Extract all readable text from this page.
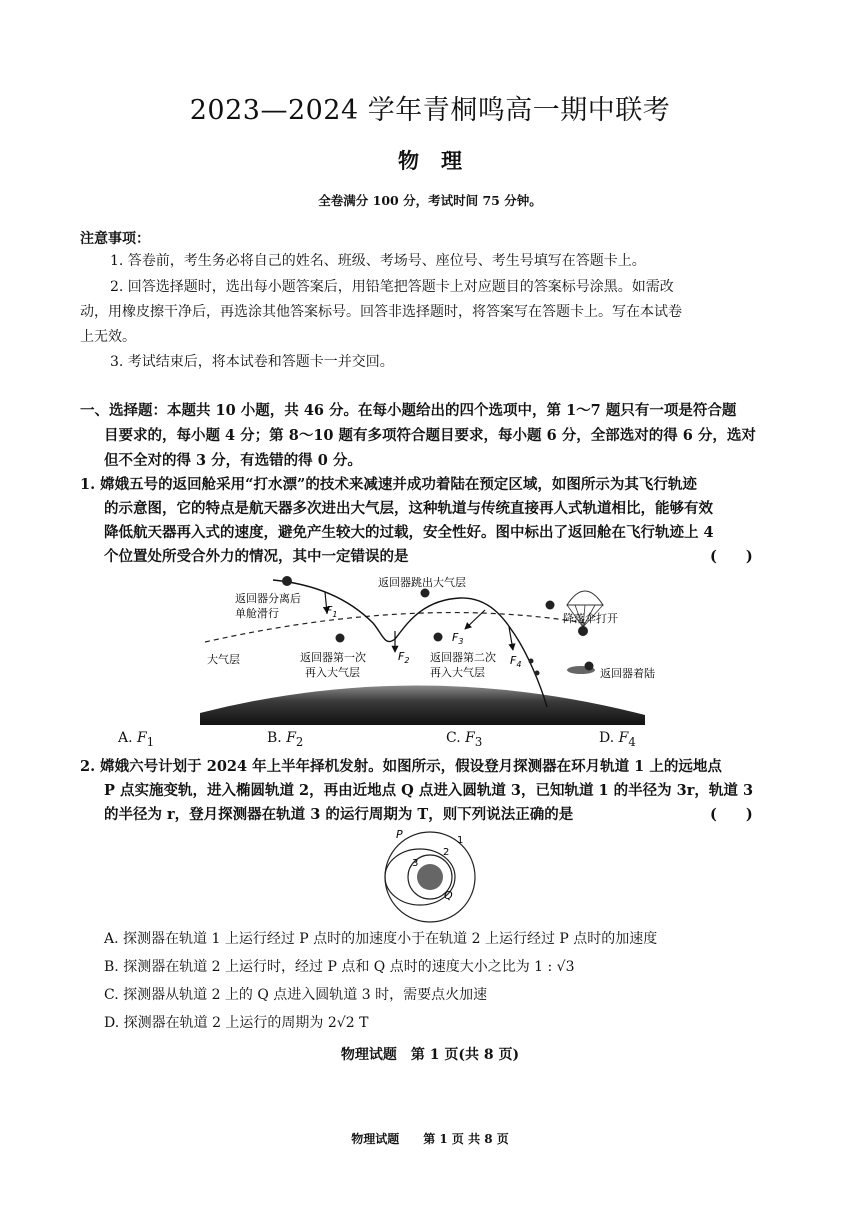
2023—2024 学年青桐鸣高一期中联考
物理
全卷满分 100 分，考试时间 75 分钟。
注意事项：
1. 答卷前，考生务必将自己的姓名、班级、考场号、座位号、考生号填写在答题卡上。
2. 回答选择题时，选出每小题答案后，用铅笔把答题卡上对应题目的答案标号涂黑。如需改
动，用橡皮擦干净后，再选涂其他答案标号。回答非选择题时，将答案写在答题卡上。写在本试卷
上无效。
3. 考试结束后，将本试卷和答题卡一并交回。
一、选择题：本题共 10 小题，共 46 分。在每小题给出的四个选项中，第 1～7 题只有一项是符合题
目要求的，每小题 4 分；第 8～10 题有多项符合题目要求，每小题 6 分，全部选对的得 6 分，选对
但不全对的得 3 分，有选错的得 0 分。
1. 嫦娥五号的返回舱采用“打水漂”的技术来减速并成功着陆在预定区域，如图所示为其飞行轨迹
的示意图，它的特点是航天器多次进出大气层，这种轨道与传统直接再人式轨道相比，能够有效
降低航天器再入式的速度，避免产生较大的过载，安全性好。图中标出了返回舱在飞行轨迹上 4
个位置处所受合外力的情况，其中一定错误的是	(　　)
$F_1$
$F_2$
$F_3$
$F_4$
返回器分离后
单舱滑行
返回器跳出大气层
降落伞打开
大气层	返回器第一次
再入大气层
返回器第二次
再入大气层	返回器着陆
地球
A. $F_1$	B. $F_2$	C. $F_3$	D. $F_4$
2. 嫦娥六号计划于 2024 年上半年择机发射。如图所示，假设登月探测器在环月轨道 1 上的远地点
P 点实施变轨，进入椭圆轨道 2，再由近地点 Q 点进入圆轨道 3，已知轨道 1 的半径为 3r，轨道 3
的半径为 r，登月探测器在轨道 3 的运行周期为 T，则下列说法正确的是	(　　)
P
Q
1
2
3
A. 探测器在轨道 1 上运行经过 P 点时的加速度小于在轨道 2 上运行经过 P 点时的加速度
B. 探测器在轨道 2 上运行时，经过 P 点和 Q 点时的速度大小之比为 1 : √3
C. 探测器从轨道 2 上的 Q 点进入圆轨道 3 时，需要点火加速
D. 探测器在轨道 2 上运行的周期为 2√2 T
物理试题　第 1 页(共 8 页)
物理试题　　第 1 页 共 8 页
